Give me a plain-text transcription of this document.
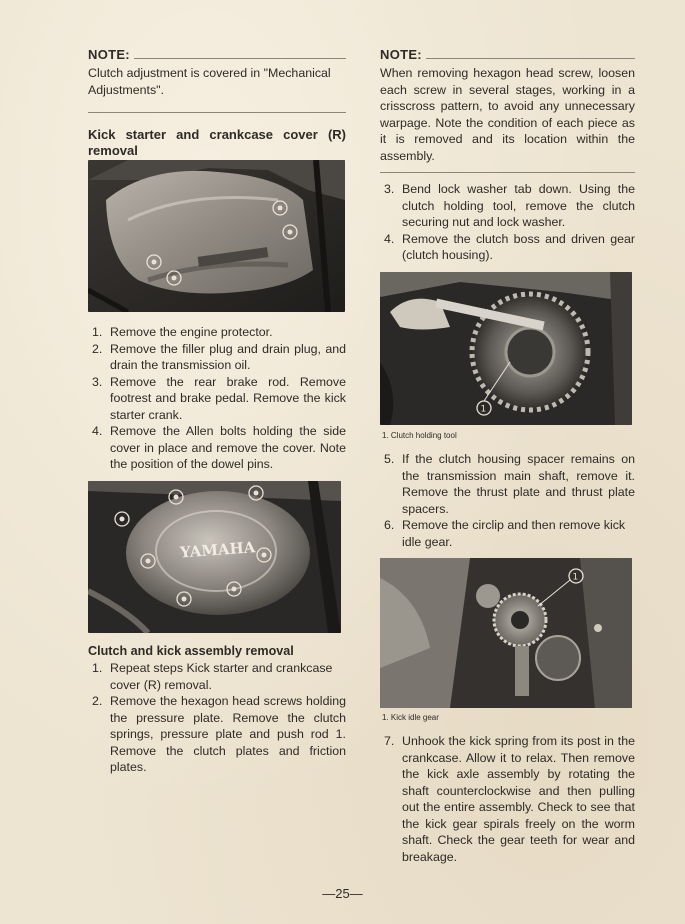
NOTE:
Clutch adjustment is covered in "Mechanical Adjustments".
Kick starter and crankcase cover (R) removal
1. Remove the engine protector.
2. Remove the filler plug and drain plug, and drain the transmission oil.
3. Remove the rear brake rod. Remove footrest and brake pedal. Remove the kick starter crank.
4. Remove the Allen bolts holding the side cover in place and remove the cover. Note the position of the dowel pins.
YAMAHA
Clutch and kick assembly removal
1. Repeat steps Kick starter and crankcase cover (R) removal.
2. Remove the hexagon head screws holding the pressure plate. Remove the clutch springs, pressure plate and push rod 1. Remove the clutch plates and friction plates.
NOTE:
When removing hexagon head screw, loosen each screw in several stages, working in a crisscross pattern, to avoid any unnecessary warpage. Note the condition of each piece as it is removed and its location within the assembly.
3. Bend lock washer tab down. Using the clutch holding tool, remove the clutch securing nut and lock washer.
4. Remove the clutch boss and driven gear (clutch housing).
1
1. Clutch holding tool
5. If the clutch housing spacer remains on the transmission main shaft, remove it. Remove the thrust plate and thrust plate spacers.
6. Remove the circlip and then remove kick idle gear.
1
1. Kick idle gear
7. Unhook the kick spring from its post in the crankcase. Allow it to relax. Then remove the kick axle assembly by rotating the shaft counterclockwise and then pulling out the entire assembly. Check to see that the kick gear spirals freely on the worm shaft. Check the gear teeth for wear and breakage.
—25—
